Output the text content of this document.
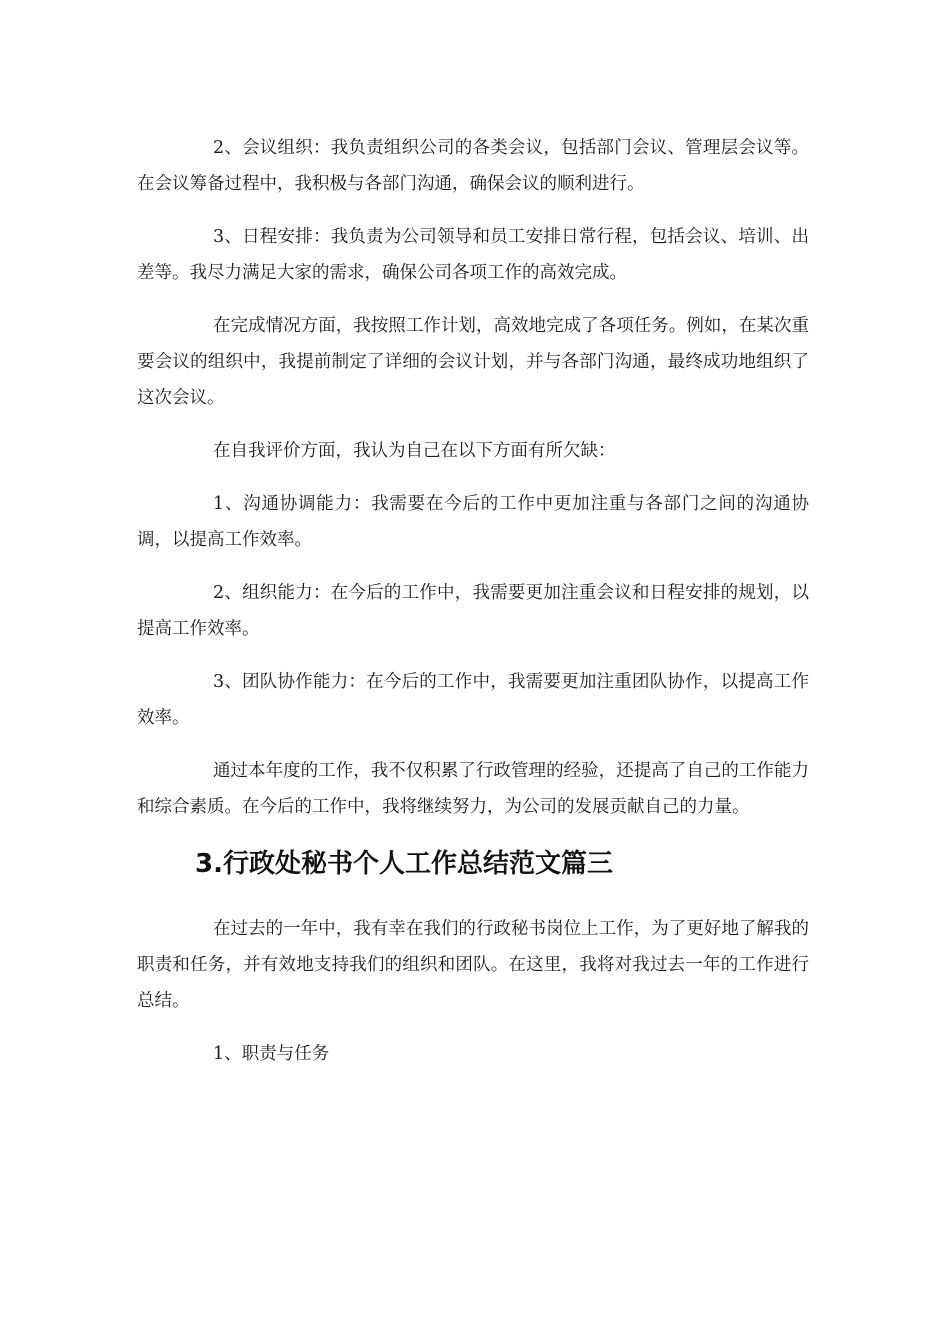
2、会议组织：我负责组织公司的各类会议，包括部门会议、管理层会议等。在会议筹备过程中，我积极与各部门沟通，确保会议的顺利进行。

3、日程安排：我负责为公司领导和员工安排日常行程，包括会议、培训、出差等。我尽力满足大家的需求，确保公司各项工作的高效完成。

在完成情况方面，我按照工作计划，高效地完成了各项任务。例如，在某次重要会议的组织中，我提前制定了详细的会议计划，并与各部门沟通，最终成功地组织了这次会议。

在自我评价方面，我认为自己在以下方面有所欠缺：

1、沟通协调能力：我需要在今后的工作中更加注重与各部门之间的沟通协调，以提高工作效率。

2、组织能力：在今后的工作中，我需要更加注重会议和日程安排的规划，以提高工作效率。

3、团队协作能力：在今后的工作中，我需要更加注重团队协作，以提高工作效率。

通过本年度的工作，我不仅积累了行政管理的经验，还提高了自己的工作能力和综合素质。在今后的工作中，我将继续努力，为公司的发展贡献自己的力量。

3.行政处秘书个人工作总结范文篇三

在过去的一年中，我有幸在我们的行政秘书岗位上工作，为了更好地了解我的职责和任务，并有效地支持我们的组织和团队。在这里，我将对我过去一年的工作进行总结。

1、职责与任务
